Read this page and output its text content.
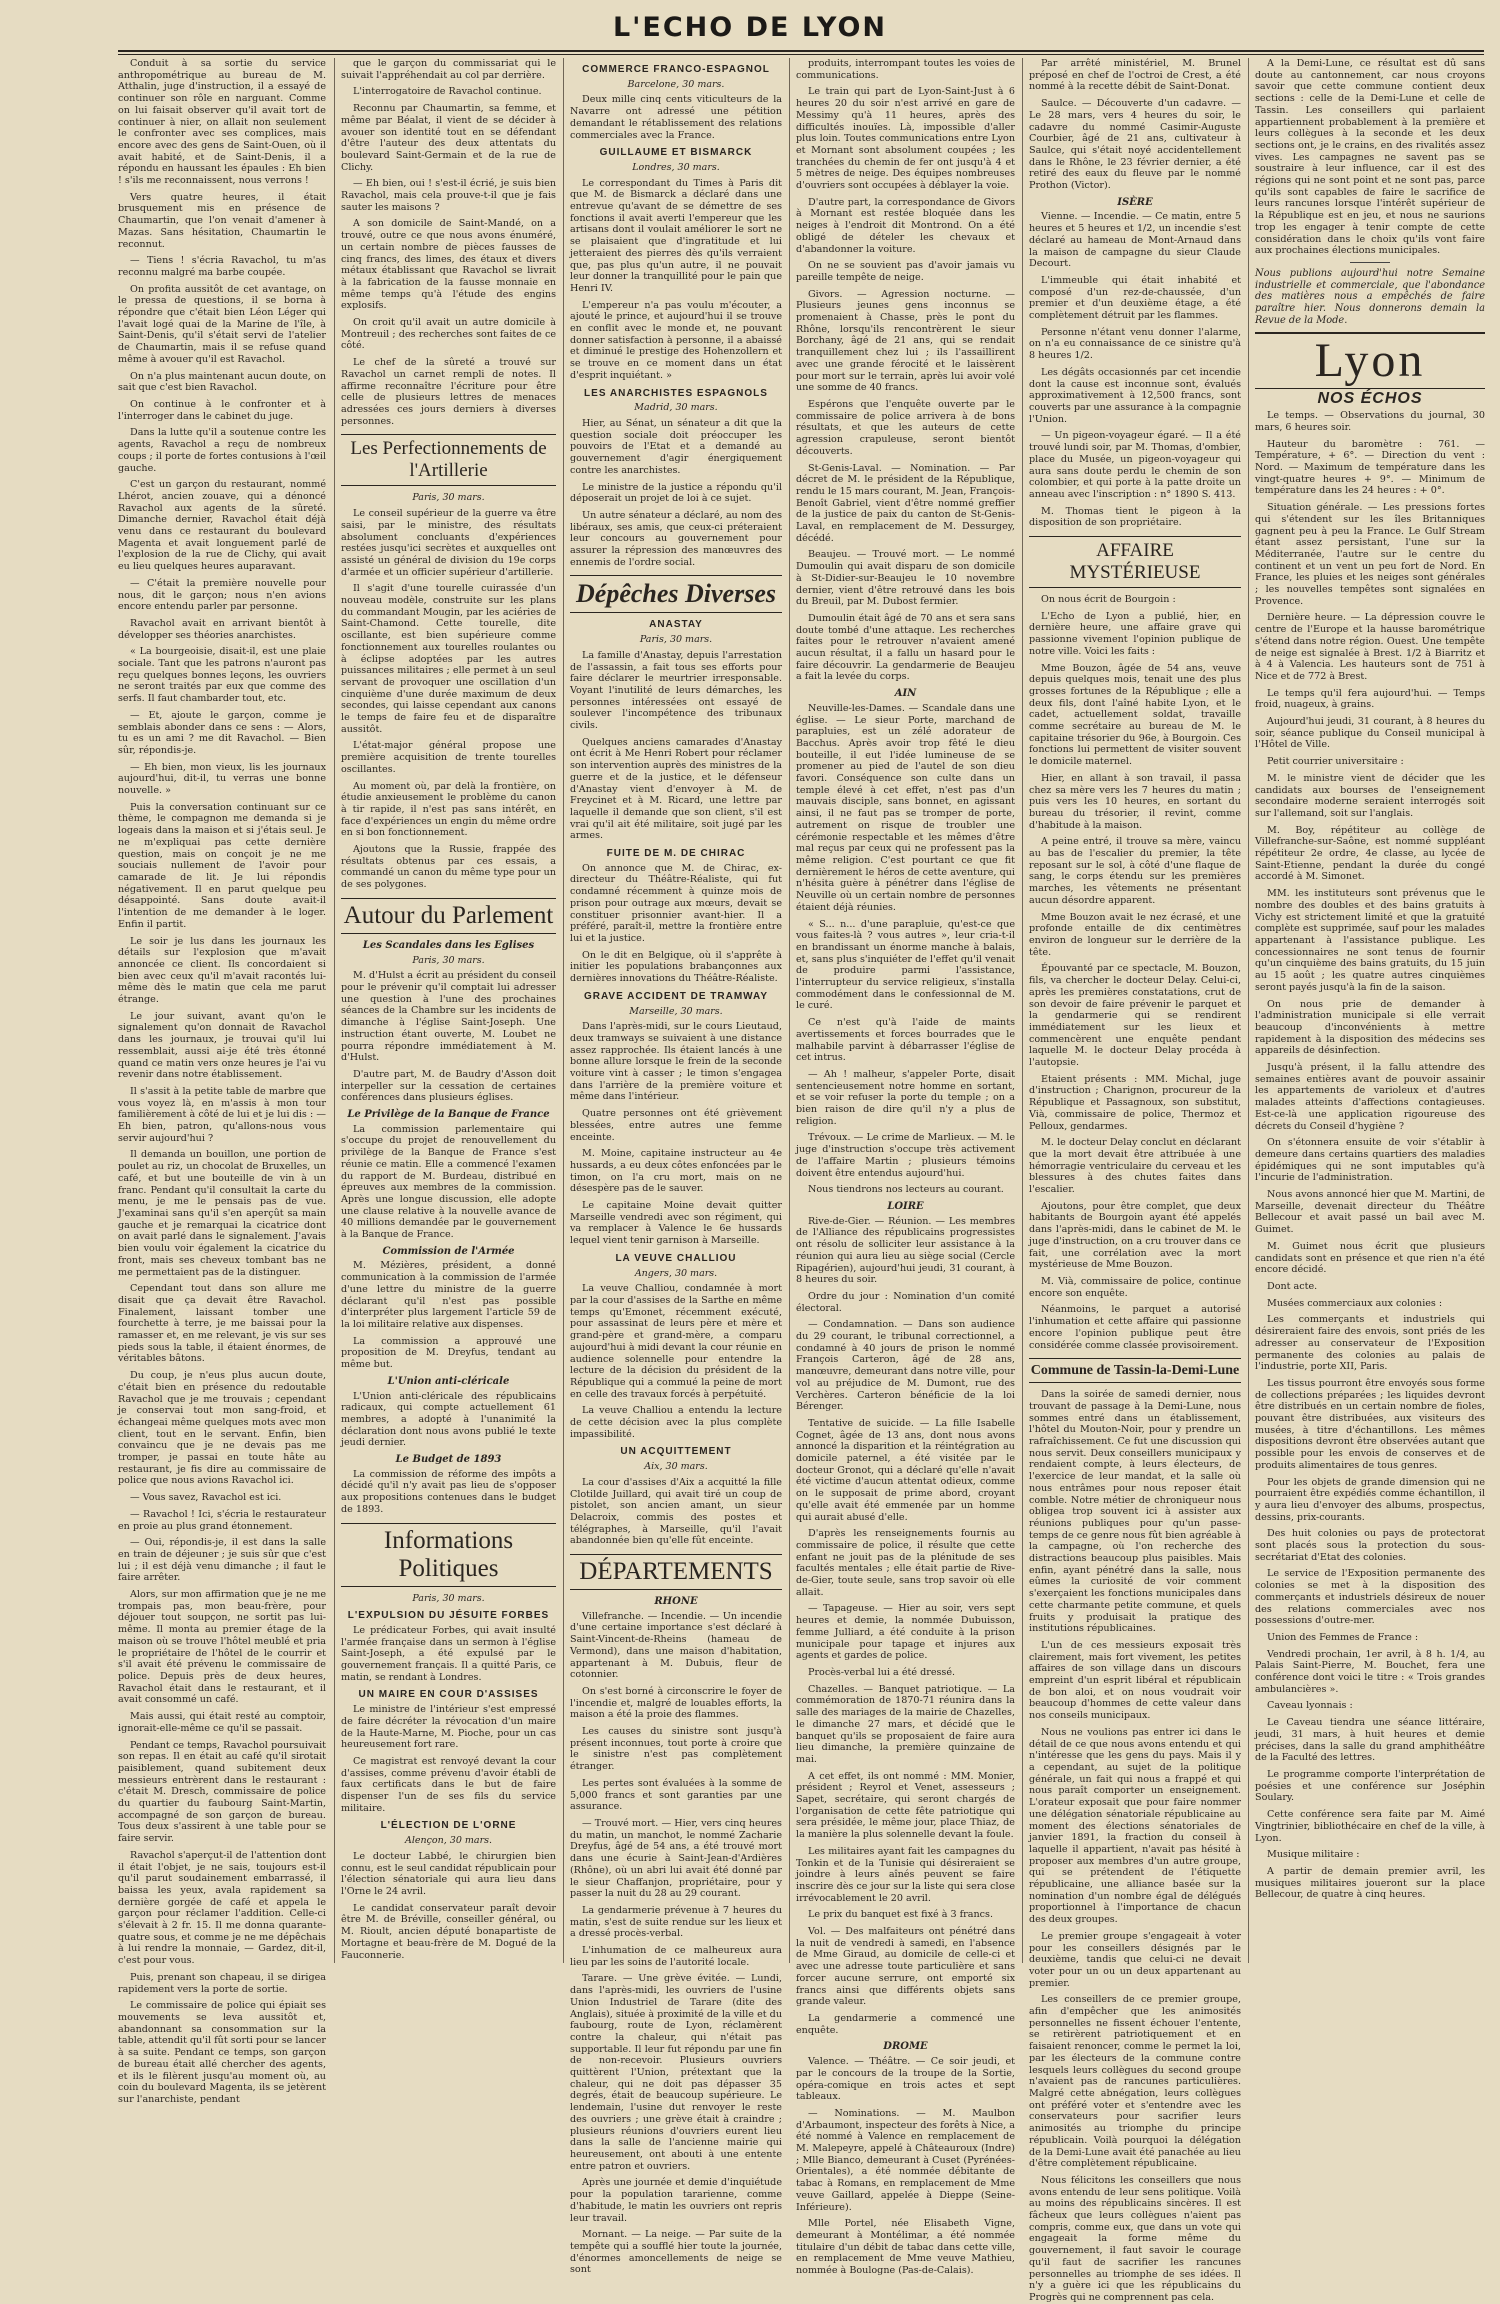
L'ECHO DE LYON

Conduit à sa sortie du service anthropométrique au bureau de M. Atthalin, juge d'instruction, il a essayé de continuer son rôle en narguant. Comme on lui faisait observer qu'il avait tort de continuer à nier, on allait non seulement le confronter avec ses complices, mais encore avec des gens de Saint-Ouen, où il avait habité, et de Saint-Denis, il a répondu en haussant les épaules : Eh bien ! s'ils me reconnaissent, nous verrons !

Vers quatre heures, il était brusquement mis en présence de Chaumartin, que l'on venait d'amener à Mazas. Sans hésitation, Chaumartin le reconnut.

— Tiens ! s'écria Ravachol, tu m'as reconnu malgré ma barbe coupée.

On profita aussitôt de cet avantage, on le pressa de questions, il se borna à répondre que c'était bien Léon Léger qui l'avait logé quai de la Marine de l'île, à Saint-Denis, qu'il s'était servi de l'atelier de Chaumartin, mais il se refuse quand même à avouer qu'il est Ravachol.

On n'a plus maintenant aucun doute, on sait que c'est bien Ravachol.

On continue à le confronter et à l'interroger dans le cabinet du juge.

Dans la lutte qu'il a soutenue contre les agents, Ravachol a reçu de nombreux coups ; il porte de fortes contusions à l'œil gauche.

C'est un garçon du restaurant, nommé Lhérot, ancien zouave, qui a dénoncé Ravachol aux agents de la sûreté. Dimanche dernier, Ravachol était déjà venu dans ce restaurant du boulevard Magenta et avait longuement parlé de l'explosion de la rue de Clichy, qui avait eu lieu quelques heures auparavant.

— C'était la première nouvelle pour nous, dit le garçon; nous n'en avions encore entendu parler par personne.

Ravachol avait en arrivant bientôt à développer ses théories anarchistes.

« La bourgeoisie, disait-il, est une plaie sociale. Tant que les patrons n'auront pas reçu quelques bonnes leçons, les ouvriers ne seront traités par eux que comme des serfs. Il faut chambarder tout, etc.

— Et, ajoute le garçon, comme je semblais abonder dans ce sens : — Alors, tu es un ami ? me dit Ravachol. — Bien sûr, répondis-je.

— Eh bien, mon vieux, lis les journaux aujourd'hui, dit-il, tu verras une bonne nouvelle. »

Puis la conversation continuant sur ce thème, le compagnon me demanda si je logeais dans la maison et si j'étais seul. Je ne m'expliquai pas cette dernière question, mais on conçoit je ne me souciais nullement de l'avoir pour camarade de lit. Je lui répondis négativement. Il en parut quelque peu désappointé. Sans doute avait-il l'intention de me demander à le loger. Enfin il partit.

Le soir je lus dans les journaux les détails sur l'explosion que m'avait annoncée ce client. Ils concordaient si bien avec ceux qu'il m'avait racontés lui-même dès le matin que cela me parut étrange.

Le jour suivant, avant qu'on le signalement qu'on donnait de Ravachol dans les journaux, je trouvai qu'il lui ressemblait, aussi ai-je été très étonné quand ce matin vers onze heures je l'ai vu revenir dans notre établissement.

Il s'assit à la petite table de marbre que vous voyez là, en m'assis à mon tour familièrement à côté de lui et je lui dis : — Eh bien, patron, qu'allons-nous vous servir aujourd'hui ?

Il demanda un bouillon, une portion de poulet au riz, un chocolat de Bruxelles, un café, et but une bouteille de vin à un franc. Pendant qu'il consultait la carte du menu, je me le pensais pas de vue. J'examinai sans qu'il s'en aperçût sa main gauche et je remarquai la cicatrice dont on avait parlé dans le signalement. J'avais bien voulu voir également la cicatrice du front, mais ses cheveux tombant bas ne me permettaient pas de la distinguer.

Cependant tout dans son allure me disait que ça devait être Ravachol. Finalement, laissant tomber une fourchette à terre, je me baissai pour la ramasser et, en me relevant, je vis sur ses pieds sous la table, il étaient énormes, de véritables bâtons.

Du coup, je n'eus plus aucun doute, c'était bien en présence du redoutable Ravachol que je me trouvais ; cependant je conservai tout mon sang-froid, et échangeai même quelques mots avec mon client, tout en le servant. Enfin, bien convaincu que je ne devais pas me tromper, je passai en toute hâte au restaurant, je fis dire au commissaire de police que nous avions Ravachol ici.

— Vous savez, Ravachol est ici.

— Ravachol ! Ici, s'écria le restaurateur en proie au plus grand étonnement.

— Oui, répondis-je, il est dans la salle en train de déjeuner ; je suis sûr que c'est lui ; il est déjà venu dimanche ; il faut le faire arrêter.

Alors, sur mon affirmation que je ne me trompais pas, mon beau-frère, pour déjouer tout soupçon, ne sortit pas lui-même. Il monta au premier étage de la maison où se trouve l'hôtel meublé et pria le propriétaire de l'hôtel de le courrir et s'il avait été prévenu le commissaire de police. Depuis près de deux heures, Ravachol était dans le restaurant, et il avait consommé un café.

Mais aussi, qui était resté au comptoir, ignorait-elle-même ce qu'il se passait.

Pendant ce temps, Ravachol poursuivait son repas. Il en était au café qu'il sirotait paisiblement, quand subitement deux messieurs entrèrent dans le restaurant : c'était M. Dresch, commissaire de police du quartier du faubourg Saint-Martin, accompagné de son garçon de bureau. Tous deux s'assirent à une table pour se faire servir.

Ravachol s'aperçut-il de l'attention dont il était l'objet, je ne sais, toujours est-il qu'il parut soudainement embarrassé, il baissa les yeux, avala rapidement sa dernière gorgée de café et appela le garçon pour réclamer l'addition. Celle-ci s'élevait à 2 fr. 15. Il me donna quarante-quatre sous, et comme je ne me dépêchais à lui rendre la monnaie, — Gardez, dit-il, c'est pour vous.

Puis, prenant son chapeau, il se dirigea rapidement vers la porte de sortie.

Le commissaire de police qui épiait ses mouvements se leva aussitôt et, abandonnant sa consommation sur la table, attendit qu'il fût sorti pour se lancer à sa suite. Pendant ce temps, son garçon de bureau était allé chercher des agents, et ils le filèrent jusqu'au moment où, au coin du boulevard Magenta, ils se jetèrent sur l'anarchiste, pendant

que le garçon du commissariat qui le suivait l'appréhendait au col par derrière.

L'interrogatoire de Ravachol continue.

Reconnu par Chaumartin, sa femme, et même par Béalat, il vient de se décider à avouer son identité tout en se défendant d'être l'auteur des deux attentats du boulevard Saint-Germain et de la rue de Clichy.

— Eh bien, oui ! s'est-il écrié, je suis bien Ravachol, mais cela prouve-t-il que je fais sauter les maisons ?

A son domicile de Saint-Mandé, on a trouvé, outre ce que nous avons énuméré, un certain nombre de pièces fausses de cinq francs, des limes, des étaux et divers métaux établissant que Ravachol se livrait à la fabrication de la fausse monnaie en même temps qu'à l'étude des engins explosifs.

On croit qu'il avait un autre domicile à Montreuil ; des recherches sont faites de ce côté.

Le chef de la sûreté a trouvé sur Ravachol un carnet rempli de notes. Il affirme reconnaître l'écriture pour être celle de plusieurs lettres de menaces adressées ces jours derniers à diverses personnes.

Les Perfectionnements de l'Artillerie
Paris, 30 mars.

Le conseil supérieur de la guerre va être saisi, par le ministre, des résultats absolument concluants d'expériences restées jusqu'ici secrètes et auxquelles ont assisté un général de division du 19e corps d'armée et un officier supérieur d'artillerie.

Il s'agit d'une tourelle cuirassée d'un nouveau modèle, construite sur les plans du commandant Mougin, par les aciéries de Saint-Chamond. Cette tourelle, dite oscillante, est bien supérieure comme fonctionnement aux tourelles roulantes ou à éclipse adoptées par les autres puissances militaires ; elle permet à un seul servant de provoquer une oscillation d'un cinquième d'une durée maximum de deux secondes, qui laisse cependant aux canons le temps de faire feu et de disparaître aussitôt.

L'état-major général propose une première acquisition de trente tourelles oscillantes.

Au moment où, par delà la frontière, on étudie anxieusement le problème du canon à tir rapide, il n'est pas sans intérêt, en face d'expériences un engin du même ordre en si bon fonctionnement.

Ajoutons que la Russie, frappée des résultats obtenus par ces essais, a commandé un canon du même type pour un de ses polygones.

Autour du Parlement
Les Scandales dans les Eglises
Paris, 30 mars.

M. d'Hulst a écrit au président du conseil pour le prévenir qu'il comptait lui adresser une question à l'une des prochaines séances de la Chambre sur les incidents de dimanche à l'église Saint-Joseph. Une instruction étant ouverte, M. Loubet ne pourra répondre immédiatement à M. d'Hulst.

D'autre part, M. de Baudry d'Asson doit interpeller sur la cessation de certaines conférences dans plusieurs églises.

Le Privilège de la Banque de France

La commission parlementaire qui s'occupe du projet de renouvellement du privilège de la Banque de France s'est réunie ce matin. Elle a commencé l'examen du rapport de M. Burdeau, distribué en épreuves aux membres de la commission. Après une longue discussion, elle adopte une clause relative à la nouvelle avance de 40 millions demandée par le gouvernement à la Banque de France.

Commission de l'Armée

M. Mézières, président, a donné communication à la commission de l'armée d'une lettre du ministre de la guerre déclarant qu'il n'est pas possible d'interpréter plus largement l'article 59 de la loi militaire relative aux dispenses.

La commission a approuvé une proposition de M. Dreyfus, tendant au même but.

L'Union anti-cléricale

L'Union anti-cléricale des républicains radicaux, qui compte actuellement 61 membres, a adopté à l'unanimité la déclaration dont nous avons publié le texte jeudi dernier.

Le Budget de 1893

La commission de réforme des impôts a décidé qu'il n'y avait pas lieu de s'opposer aux propositions contenues dans le budget de 1893.

Informations Politiques
Paris, 30 mars.
L'EXPULSION DU JÉSUITE FORBES

Le prédicateur Forbes, qui avait insulté l'armée française dans un sermon à l'église Saint-Joseph, a été expulsé par le gouvernement français. Il a quitté Paris, ce matin, se rendant à Londres.

UN MAIRE EN COUR D'ASSISES

Le ministre de l'intérieur s'est empressé de faire décréter la révocation d'un maire de la Haute-Marne, M. Pioche, pour un cas heureusement fort rare.

Ce magistrat est renvoyé devant la cour d'assises, comme prévenu d'avoir établi de faux certificats dans le but de faire dispenser l'un de ses fils du service militaire.

L'ÉLECTION DE L'ORNE
Alençon, 30 mars.

Le docteur Labbé, le chirurgien bien connu, est le seul candidat républicain pour l'élection sénatoriale qui aura lieu dans l'Orne le 24 avril.

Le candidat conservateur paraît devoir être M. de Bréville, conseiller général, ou M. Rioult, ancien député bonapartiste de Mortagne et beau-frère de M. Dogué de la Fauconnerie.

COMMERCE FRANCO-ESPAGNOL
Barcelone, 30 mars.

Deux mille cinq cents viticulteurs de la Navarre ont adressé une pétition demandant le rétablissement des relations commerciales avec la France.

GUILLAUME ET BISMARCK
Londres, 30 mars.

Le correspondant du Times à Paris dit que M. de Bismarck a déclaré dans une entrevue qu'avant de se démettre de ses fonctions il avait averti l'empereur que les artisans dont il voulait améliorer le sort ne se plaisaient que d'ingratitude et lui jetteraient des pierres dès qu'ils verraient que, pas plus qu'un autre, il ne pouvait leur donner la tranquillité pour le pain que Henri IV.

L'empereur n'a pas voulu m'écouter, a ajouté le prince, et aujourd'hui il se trouve en conflit avec le monde et, ne pouvant donner satisfaction à personne, il a abaissé et diminué le prestige des Hohenzollern et se trouve en ce moment dans un état d'esprit inquiétant. »

LES ANARCHISTES ESPAGNOLS
Madrid, 30 mars.

Hier, au Sénat, un sénateur a dit que la question sociale doit préoccuper les pouvoirs de l'Etat et a demandé au gouvernement d'agir énergiquement contre les anarchistes.

Le ministre de la justice a répondu qu'il déposerait un projet de loi à ce sujet.

Un autre sénateur a déclaré, au nom des libéraux, ses amis, que ceux-ci préteraient leur concours au gouvernement pour assurer la répression des manœuvres des ennemis de l'ordre social.

Dépêches Diverses
ANASTAY
Paris, 30 mars.

La famille d'Anastay, depuis l'arrestation de l'assassin, a fait tous ses efforts pour faire déclarer le meurtrier irresponsable. Voyant l'inutilité de leurs démarches, les personnes intéressées ont essayé de soulever l'incompétence des tribunaux civils.

Quelques anciens camarades d'Anastay ont écrit à Me Henri Robert pour réclamer son intervention auprès des ministres de la guerre et de la justice, et le défenseur d'Anastay vient d'envoyer à M. de Freycinet et à M. Ricard, une lettre par laquelle il demande que son client, s'il est vrai qu'il ait été militaire, soit jugé par les armes.

FUITE DE M. DE CHIRAC

On annonce que M. de Chirac, ex-directeur du Théâtre-Réaliste, qui fut condamné récemment à quinze mois de prison pour outrage aux mœurs, devait se constituer prisonnier avant-hier. Il a préféré, paraît-il, mettre la frontière entre lui et la justice.

On le dit en Belgique, où il s'apprête à initier les populations brabançonnes aux dernières innovations du Théâtre-Réaliste.

GRAVE ACCIDENT DE TRAMWAY
Marseille, 30 mars.

Dans l'après-midi, sur le cours Lieutaud, deux tramways se suivaient à une distance assez rapprochée. Ils étaient lancés à une bonne allure lorsque le frein de la seconde voiture vint à casser ; le timon s'engagea dans l'arrière de la première voiture et même dans l'intérieur.

Quatre personnes ont été grièvement blessées, entre autres une femme enceinte.

M. Moine, capitaine instructeur au 4e hussards, a eu deux côtes enfoncées par le timon, on l'a cru mort, mais on ne désespère pas de le sauver.

Le capitaine Moine devait quitter Marseille vendredi avec son régiment, qui va remplacer à Valence le 6e hussards lequel vient tenir garnison à Marseille.

LA VEUVE CHALLIOU
Angers, 30 mars.

La veuve Challiou, condamnée à mort par la cour d'assises de la Sarthe en même temps qu'Emonet, récemment exécuté, pour assassinat de leurs père et mère et grand-père et grand-mère, a comparu aujourd'hui à midi devant la cour réunie en audience solennelle pour entendre la lecture de la décision du président de la République qui a commué la peine de mort en celle des travaux forcés à perpétuité.

La veuve Challiou a entendu la lecture de cette décision avec la plus complète impassibilité.

UN ACQUITTEMENT
Aix, 30 mars.

La cour d'assises d'Aix a acquitté la fille Clotilde Juillard, qui avait tiré un coup de pistolet, son ancien amant, un sieur Delacroix, commis des postes et télégraphes, à Marseille, qu'il l'avait abandonnée bien qu'elle fût enceinte.

DÉPARTEMENTS
RHONE

Villefranche. — Incendie. — Un incendie d'une certaine importance s'est déclaré à Saint-Vincent-de-Rheins (hameau de Vermond), dans une maison d'habitation, appartenant à M. Dubuis, fleur de cotonnier.

On s'est borné à circonscrire le foyer de l'incendie et, malgré de louables efforts, la maison a été la proie des flammes.

Les causes du sinistre sont jusqu'à présent inconnues, tout porte à croire que le sinistre n'est pas complètement étranger.

Les pertes sont évaluées à la somme de 5,000 francs et sont garanties par une assurance.

— Trouvé mort. — Hier, vers cinq heures du matin, un manchot, le nommé Zacharie Dreyfus, âgé de 54 ans, a été trouvé mort dans une écurie à Saint-Jean-d'Ardières (Rhône), où un abri lui avait été donné par le sieur Chaffanjon, propriétaire, pour y passer la nuit du 28 au 29 courant.

La gendarmerie prévenue à 7 heures du matin, s'est de suite rendue sur les lieux et a dressé procès-verbal.

L'inhumation de ce malheureux aura lieu par les soins de l'autorité locale.

Tarare. — Une grève évitée. — Lundi, dans l'après-midi, les ouvriers de l'usine Union Industriel de Tarare (dite des Anglais), située à proximité de la ville et du faubourg, route de Lyon, réclamèrent contre la chaleur, qui n'était pas supportable. Il leur fut répondu par une fin de non-recevoir. Plusieurs ouvriers quittèrent l'Union, prétextant que la chaleur, qui ne doit pas dépasser 35 degrés, était de beaucoup supérieure. Le lendemain, l'usine dut renvoyer le reste des ouvriers ; une grève était à craindre ; plusieurs réunions d'ouvriers eurent lieu dans la salle de l'ancienne mairie qui heureusement, ont abouti à une entente entre patron et ouvriers.

Après une journée et demie d'inquiétude pour la population tararienne, comme d'habitude, le matin les ouvriers ont repris leur travail.

Mornant. — La neige. — Par suite de la tempête qui a soufflé hier toute la journée, d'énormes amoncellements de neige se sont

produits, interrompant toutes les voies de communications.

Le train qui part de Lyon-Saint-Just à 6 heures 20 du soir n'est arrivé en gare de Messimy qu'à 11 heures, après des difficultés inouïes. Là, impossible d'aller plus loin. Toutes communications entre Lyon et Mornant sont absolument coupées ; les tranchées du chemin de fer ont jusqu'à 4 et 5 mètres de neige. Des équipes nombreuses d'ouvriers sont occupées à déblayer la voie.

D'autre part, la correspondance de Givors à Mornant est restée bloquée dans les neiges à l'endroit dit Montrond. On a été obligé de dételer les chevaux et d'abandonner la voiture.

On ne se souvient pas d'avoir jamais vu pareille tempête de neige.

Givors. — Agression nocturne. — Plusieurs jeunes gens inconnus se promenaient à Chasse, près le pont du Rhône, lorsqu'ils rencontrèrent le sieur Borchany, âgé de 21 ans, qui se rendait tranquillement chez lui ; ils l'assaillirent avec une grande férocité et le laissèrent pour mort sur le terrain, après lui avoir volé une somme de 40 francs.

Espérons que l'enquête ouverte par le commissaire de police arrivera à de bons résultats, et que les auteurs de cette agression crapuleuse, seront bientôt découverts.

St-Genis-Laval. — Nomination. — Par décret de M. le président de la République, rendu le 15 mars courant, M. Jean, François-Benoît Gabriel, vient d'être nommé greffier de la justice de paix du canton de St-Genis-Laval, en remplacement de M. Dessurgey, décédé.

Beaujeu. — Trouvé mort. — Le nommé Dumoulin qui avait disparu de son domicile à St-Didier-sur-Beaujeu le 10 novembre dernier, vient d'être retrouvé dans les bois du Breuil, par M. Dubost fermier.

Dumoulin était âgé de 70 ans et sera sans doute tombé d'une attaque. Les recherches faites pour le retrouver n'avaient amené aucun résultat, il a fallu un hasard pour le faire découvrir. La gendarmerie de Beaujeu a fait la levée du corps.

AIN

Neuville-les-Dames. — Scandale dans une église. — Le sieur Porte, marchand de parapluies, est un zélé adorateur de Bacchus. Après avoir trop fêté le dieu bouteille, il eut l'idée lumineuse de se promener au pied de l'autel de son dieu favori. Conséquence son culte dans un temple élevé à cet effet, n'est pas d'un mauvais disciple, sans bonnet, en agissant ainsi, il ne faut pas se tromper de porte, autrement on risque de troubler une cérémonie respectable et les mêmes d'être mal reçus par ceux qui ne professent pas la même religion. C'est pourtant ce que fit dernièrement le héros de cette aventure, qui n'hésita guère à pénétrer dans l'église de Neuville où un certain nombre de personnes étaient déjà réunies.

« S... n... d'une parapluie, qu'est-ce que vous faites-là ? vous autres », leur cria-t-il en brandissant un énorme manche à balais, et, sans plus s'inquiéter de l'effet qu'il venait de produire parmi l'assistance, l'interrupteur du service religieux, s'installa commodément dans le confessionnal de M. le curé.

Ce n'est qu'à l'aide de maints avertissements et forces bourrades que le malhabile parvint à débarrasser l'église de cet intrus.

— Ah ! malheur, s'appeler Porte, disait sentencieusement notre homme en sortant, et se voir refuser la porte du temple ; on a bien raison de dire qu'il n'y a plus de religion.

Trévoux. — Le crime de Marlieux. — M. le juge d'instruction s'occupe très activement de l'affaire Martin ; plusieurs témoins doivent être entendus aujourd'hui.

Nous tiendrons nos lecteurs au courant.

LOIRE

Rive-de-Gier. — Réunion. — Les membres de l'Alliance des républicains progressistes ont résolu de solliciter leur assistance à la réunion qui aura lieu au siège social (Cercle Ripagérien), aujourd'hui jeudi, 31 courant, à 8 heures du soir.

Ordre du jour : Nomination d'un comité électoral.

— Condamnation. — Dans son audience du 29 courant, le tribunal correctionnel, a condamné à 40 jours de prison le nommé François Carteron, âgé de 28 ans, manœuvre, demeurant dans notre ville, pour vol au préjudice de M. Dumont, rue des Verchères. Carteron bénéficie de la loi Bérenger.

Tentative de suicide. — La fille Isabelle Cognet, âgée de 13 ans, dont nous avons annoncé la disparition et la réintégration au domicile paternel, a été visitée par le docteur Gronot, qui a déclaré qu'elle n'avait été victime d'aucun attentat odieux, comme on le supposait de prime abord, croyant qu'elle avait été emmenée par un homme qui aurait abusé d'elle.

D'après les renseignements fournis au commissaire de police, il résulte que cette enfant ne jouit pas de la plénitude de ses facultés mentales ; elle était partie de Rive-de-Gier, toute seule, sans trop savoir où elle allait.

— Tapageuse. — Hier au soir, vers sept heures et demie, la nommée Dubuisson, femme Julliard, a été conduite à la prison municipale pour tapage et injures aux agents et gardes de police.

Procès-verbal lui a été dressé.

Chazelles. — Banquet patriotique. — La commémoration de 1870-71 réunira dans la salle des mariages de la mairie de Chazelles, le dimanche 27 mars, et décidé que le banquet qu'ils se proposaient de faire aura lieu dimanche, la première quinzaine de mai.

A cet effet, ils ont nommé : MM. Monier, président ; Reyrol et Venet, assesseurs ; Sapet, secrétaire, qui seront chargés de l'organisation de cette fête patriotique qui sera présidée, le même jour, place Thiaz, de la manière la plus solennelle devant la foule.

Les militaires ayant fait les campagnes du Tonkin et de la Tunisie qui désireraient se joindre à leurs aînés peuvent se faire inscrire dès ce jour sur la liste qui sera close irrévocablement le 20 avril.

Le prix du banquet est fixé à 3 francs.

Vol. — Des malfaiteurs ont pénétré dans la nuit de vendredi à samedi, en l'absence de Mme Giraud, au domicile de celle-ci et avec une adresse toute particulière et sans forcer aucune serrure, ont emporté six francs ainsi que différents objets sans grande valeur.

La gendarmerie a commencé une enquête.

DROME

Valence. — Théâtre. — Ce soir jeudi, et par le concours de la troupe de la Sortie, opéra-comique en trois actes et sept tableaux.

— Nominations. — M. Maulbon d'Arbaumont, inspecteur des forêts à Nice, a été nommé à Valence en remplacement de M. Malepeyre, appelé à Châteauroux (Indre) ; Mlle Bianco, demeurant à Cuset (Pyrénées-Orientales), a été nommée débitante de tabac à Romans, en remplacement de Mme veuve Gaillard, appelée à Dieppe (Seine-Inférieure).

Mlle Portel, née Elisabeth Vigne, demeurant à Montélimar, a été nommée titulaire d'un débit de tabac dans cette ville, en remplacement de Mme veuve Mathieu, nommée à Boulogne (Pas-de-Calais).

Par arrêté ministériel, M. Brunel préposé en chef de l'octroi de Crest, a été nommé à la recette débit de Saint-Donat.

Saulce. — Découverte d'un cadavre. — Le 28 mars, vers 4 heures du soir, le cadavre du nommé Casimir-Auguste Courbier, âgé de 21 ans, cultivateur à Saulce, qui s'était noyé accidentellement dans le Rhône, le 23 février dernier, a été retiré des eaux du fleuve par le nommé Prothon (Victor).

ISÈRE

Vienne. — Incendie. — Ce matin, entre 5 heures et 5 heures et 1/2, un incendie s'est déclaré au hameau de Mont-Arnaud dans la maison de campagne du sieur Claude Decourt.

L'immeuble qui était inhabité et composé d'un rez-de-chaussée, d'un premier et d'un deuxième étage, a été complètement détruit par les flammes.

Personne n'étant venu donner l'alarme, on n'a eu connaissance de ce sinistre qu'à 8 heures 1/2.

Les dégâts occasionnés par cet incendie dont la cause est inconnue sont, évalués approximativement à 12,500 francs, sont couverts par une assurance à la compagnie l'Union.

— Un pigeon-voyageur égaré. — Il a été trouvé lundi soir, par M. Thomas, d'ombier, place du Musée, un pigeon-voyageur qui aura sans doute perdu le chemin de son colombier, et qui porte à la patte droite un anneau avec l'inscription : n° 1890 S. 413.

M. Thomas tient le pigeon à la disposition de son propriétaire.

AFFAIRE MYSTÉRIEUSE

On nous écrit de Bourgoin :

L'Echo de Lyon a publié, hier, en dernière heure, une affaire grave qui passionne vivement l'opinion publique de notre ville. Voici les faits :

Mme Bouzon, âgée de 54 ans, veuve depuis quelques mois, tenait une des plus grosses fortunes de la République ; elle a deux fils, dont l'aîné habite Lyon, et le cadet, actuellement soldat, travaille comme secrétaire au bureau de M. le capitaine trésorier du 96e, à Bourgoin. Ces fonctions lui permettent de visiter souvent le domicile maternel.

Hier, en allant à son travail, il passa chez sa mère vers les 7 heures du matin ; puis vers les 10 heures, en sortant du bureau du trésorier, il revint, comme d'habitude à la maison.

A peine entré, il trouve sa mère, vaincu au bas de l'escalier du premier, la tête reposant sur le sol, à côté d'une flaque de sang, le corps étendu sur les premières marches, les vêtements ne présentant aucun désordre apparent.

Mme Bouzon avait le nez écrasé, et une profonde entaille de dix centimètres environ de longueur sur le derrière de la tête.

Épouvanté par ce spectacle, M. Bouzon, fils, va chercher le docteur Delay. Celui-ci, après les premières constatations, crut de son devoir de faire prévenir le parquet et la gendarmerie qui se rendirent immédiatement sur les lieux et commencèrent une enquête pendant laquelle M. le docteur Delay procéda à l'autopsie.

Etaient présents : MM. Michal, juge d'instruction ; Charignon, procureur de la République et Passagnoux, son substitut, Vià, commissaire de police, Thermoz et Pelloux, gendarmes.

M. le docteur Delay conclut en déclarant que la mort devait être attribuée à une hémorragie ventriculaire du cerveau et les blessures à des chutes faites dans l'escalier.

Ajoutons, pour être complet, que deux habitants de Bourgoin ayant été appelés dans l'après-midi, dans le cabinet de M. le juge d'instruction, on a cru trouver dans ce fait, une corrélation avec la mort mystérieuse de Mme Bouzon.

M. Vià, commissaire de police, continue encore son enquête.

Néanmoins, le parquet a autorisé l'inhumation et cette affaire qui passionne encore l'opinion publique peut être considérée comme classée provisoirement.

Commune de Tassin-la-Demi-Lune

Dans la soirée de samedi dernier, nous trouvant de passage à la Demi-Lune, nous sommes entré dans un établissement, l'hôtel du Mouton-Noir, pour y prendre un rafraîchissement. Ce fut une discussion qui nous servit. Deux conseillers municipaux y rendaient compte, à leurs électeurs, de l'exercice de leur mandat, et la salle où nous entrâmes pour nous reposer était comble. Notre métier de chroniqueur nous obligea trop souvent ici à assister aux réunions publiques pour qu'un passe-temps de ce genre nous fût bien agréable à la campagne, où l'on recherche des distractions beaucoup plus paisibles. Mais enfin, ayant pénétré dans la salle, nous eûmes la curiosité de voir comment s'exerçaient les fonctions municipales dans cette charmante petite commune, et quels fruits y produisait la pratique des institutions républicaines.

L'un de ces messieurs exposait très clairement, mais fort vivement, les petites affaires de son village dans un discours empreint d'un esprit libéral et républicain de bon aloi, et on nous voudrait voir beaucoup d'hommes de cette valeur dans nos conseils municipaux.

Nous ne voulions pas entrer ici dans le détail de ce que nous avons entendu et qui n'intéresse que les gens du pays. Mais il y a cependant, au sujet de la politique générale, un fait qui nous a frappé et qui nous paraît comporter un enseignement. L'orateur exposait que pour faire nommer une délégation sénatoriale républicaine au moment des élections sénatoriales de janvier 1891, la fraction du conseil à laquelle il appartient, n'avait pas hésité à proposer aux membres d'un autre groupe, qui se prétendent de l'étiquette républicaine, une alliance basée sur la nomination d'un nombre égal de délégués proportionnel à l'importance de chacun des deux groupes.

Le premier groupe s'engageait à voter pour les conseillers désignés par le deuxième, tandis que celui-ci ne devait voter pour un ou un deux appartenant au premier.

Les conseillers de ce premier groupe, afin d'empêcher que les animosités personnelles ne fissent échouer l'entente, se retirèrent patriotiquement et en faisaient renoncer, comme le permet la loi, par les électeurs de la commune contre lesquels leurs collègues du second groupe n'avaient pas de rancunes particulières. Malgré cette abnégation, leurs collègues ont préféré voter et s'entendre avec les conservateurs pour sacrifier leurs animosités au triomphe du principe républicain. Voilà pourquoi la délégation de la Demi-Lune avait été panachée au lieu d'être complètement républicaine.

Nous félicitons les conseillers que nous avons entendu de leur sens politique. Voilà au moins des républicains sincères. Il est fâcheux que leurs collègues n'aient pas compris, comme eux, que dans un vote qui engageait la forme même du gouvernement, il faut savoir le courage qu'il faut de sacrifier les rancunes personnelles au triomphe de ses idées. Il n'y a guère ici que les républicains du Progrès qui ne comprennent pas cela.

A la Demi-Lune, ce résultat est dû sans doute au cantonnement, car nous croyons savoir que cette commune contient deux sections : celle de la Demi-Lune et celle de Tassin. Les conseillers qui parlaient appartiennent probablement à la première et leurs collègues à la seconde et les deux sections ont, je le crains, en des rivalités assez vives. Les campagnes ne savent pas se soustraire à leur influence, car il est des régions qui ne sont point et ne sont pas, parce qu'ils sont capables de faire le sacrifice de leurs rancunes lorsque l'intérêt supérieur de la République est en jeu, et nous ne saurions trop les engager à tenir compte de cette considération dans le choix qu'ils vont faire aux prochaines élections municipales.

Nous publions aujourd'hui notre Semaine industrielle et commerciale, que l'abondance des matières nous a empêchés de faire paraître hier. Nous donnerons demain la Revue de la Mode.
Lyon
NOS ÉCHOS

Le temps. — Observations du journal, 30 mars, 6 heures soir.

Hauteur du baromètre : 761. — Température, + 6°. — Direction du vent : Nord. — Maximum de température dans les vingt-quatre heures + 9°. — Minimum de température dans les 24 heures : + 0°.

Situation générale. — Les pressions fortes qui s'étendent sur les îles Britanniques gagnent peu à peu la France. Le Gulf Stream étant assez persistant, l'une sur la Méditerranée, l'autre sur le centre du continent et un vent un peu fort de Nord. En France, les pluies et les neiges sont générales ; les nouvelles tempêtes sont signalées en Provence.

Dernière heure. — La dépression couvre le centre de l'Europe et la hausse barométrique s'étend dans notre région. Ouest. Une tempête de neige est signalée à Brest. 1/2 à Biarritz et à 4 à Valencia. Les hauteurs sont de 751 à Nice et de 772 à Brest.

Le temps qu'il fera aujourd'hui. — Temps froid, nuageux, à grains.

Aujourd'hui jeudi, 31 courant, à 8 heures du soir, séance publique du Conseil municipal à l'Hôtel de Ville.

Petit courrier universitaire :

M. le ministre vient de décider que les candidats aux bourses de l'enseignement secondaire moderne seraient interrogés soit sur l'allemand, soit sur l'anglais.

M. Boy, répétiteur au collège de Villefranche-sur-Saône, est nommé suppléant répétiteur 2e ordre, 4e classe, au lycée de Saint-Etienne, pendant la durée du congé accordé à M. Simonet.

MM. les instituteurs sont prévenus que le nombre des doubles et des bains gratuits à Vichy est strictement limité et que la gratuité complète est supprimée, sauf pour les malades appartenant à l'assistance publique. Les concessionnaires ne sont tenus de fournir qu'un cinquième des bains gratuits, du 15 juin au 15 août ; les quatre autres cinquièmes seront payés jusqu'à la fin de la saison.

On nous prie de demander à l'administration municipale si elle verrait beaucoup d'inconvénients à mettre rapidement à la disposition des médecins ses appareils de désinfection.

Jusqu'à présent, il la fallu attendre des semaines entières avant de pouvoir assainir les appartements de varioleux et d'autres malades atteints d'affections contagieuses. Est-ce-là une application rigoureuse des décrets du Conseil d'hygiène ?

On s'étonnera ensuite de voir s'établir à demeure dans certains quartiers des maladies épidémiques qui ne sont imputables qu'à l'incurie de l'administration.

Nous avons annoncé hier que M. Martini, de Marseille, devenait directeur du Théâtre Bellecour et avait passé un bail avec M. Guimet.

M. Guimet nous écrit que plusieurs candidats sont en présence et que rien n'a été encore décidé.

Dont acte.

Musées commerciaux aux colonies :

Les commerçants et industriels qui désireraient faire des envois, sont priés de les adresser au conservateur de l'Exposition permanente des colonies au palais de l'industrie, porte XII, Paris.

Les tissus pourront être envoyés sous forme de collections préparées ; les liquides devront être distribués en un certain nombre de fioles, pouvant être distribuées, aux visiteurs des musées, à titre d'échantillons. Les mêmes dispositions devront être observées autant que possible pour les envois de conserves et de produits alimentaires de tous genres.

Pour les objets de grande dimension qui ne pourraient être expédiés comme échantillon, il y aura lieu d'envoyer des albums, prospectus, dessins, prix-courants.

Des huit colonies ou pays de protectorat sont placés sous la protection du sous-secrétariat d'Etat des colonies.

Le service de l'Exposition permanente des colonies se met à la disposition des commerçants et industriels désireux de nouer des relations commerciales avec nos possessions d'outre-mer.

Union des Femmes de France :

Vendredi prochain, 1er avril, à 8 h. 1/4, au Palais Saint-Pierre, M. Bouchet, fera une conférence dont voici le titre : « Trois grandes ambulancières ».

Caveau lyonnais :

Le Caveau tiendra une séance littéraire, jeudi, 31 mars, à huit heures et demie précises, dans la salle du grand amphithéâtre de la Faculté des lettres.

Le programme comporte l'interprétation de poésies et une conférence sur Joséphin Soulary.

Cette conférence sera faite par M. Aimé Vingtrinier, bibliothécaire en chef de la ville, à Lyon.

Musique militaire :

A partir de demain premier avril, les musiques militaires joueront sur la place Bellecour, de quatre à cinq heures.
